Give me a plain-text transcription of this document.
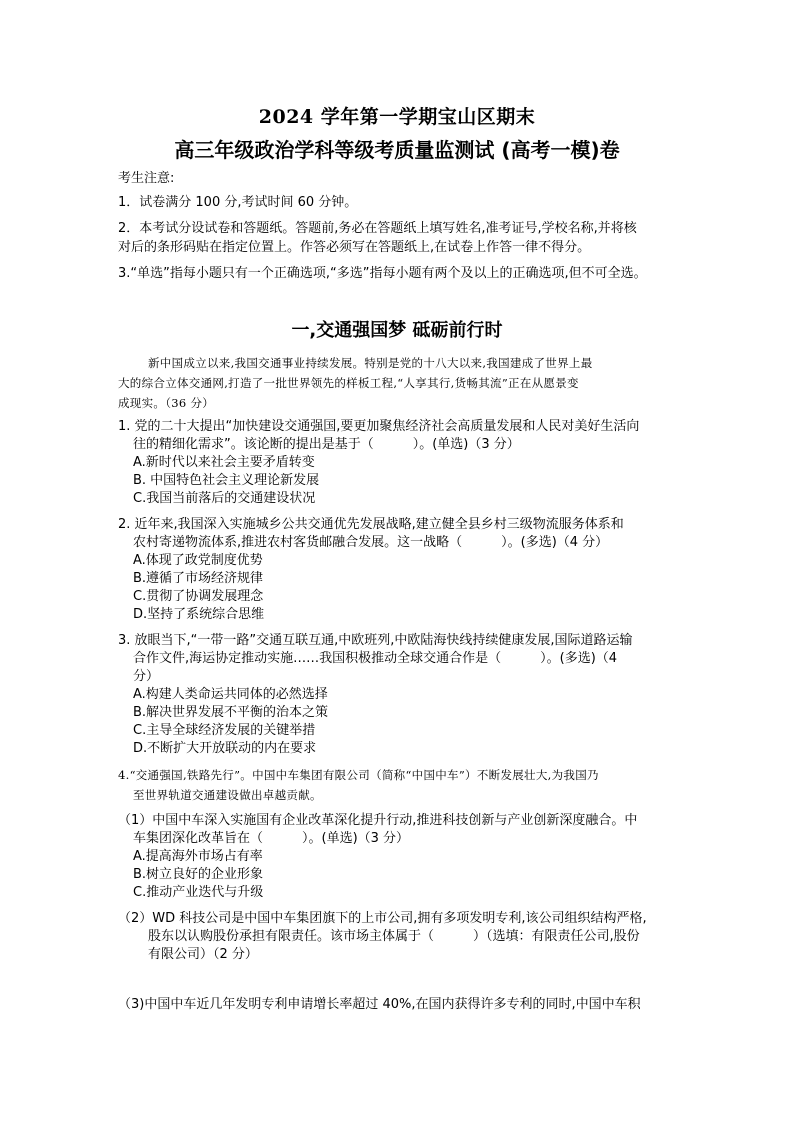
2024 学年第一学期宝山区期末
高三年级政治学科等级考质量监测试 (高考一模)卷
考生注意:
1．试卷满分 100 分,考试时间 60 分钟。
2．本考试分设试卷和答题纸。答题前,务必在答题纸上填写姓名,准考证号,学校名称,并将核
对后的条形码贴在指定位置上。作答必须写在答题纸上,在试卷上作答一律不得分。
3.“单选”指每小题只有一个正确选项,“多选”指每小题有两个及以上的正确选项,但不可全选。
一,交通强国梦 砥砺前行时
新中国成立以来,我国交通事业持续发展。特别是党的十八大以来,我国建成了世界上最
大的综合立体交通网,打造了一批世界领先的样板工程,“人享其行,货畅其流”正在从愿景变
成现实。（36 分）
1. 党的二十大提出“加快建设交通强国,要更加聚焦经济社会高质量发展和人民对美好生活向
往的精细化需求”。该论断的提出是基于（　　　）。(单选)（3 分）
A.新时代以来社会主要矛盾转变
B. 中国特色社会主义理论新发展
C.我国当前落后的交通建设状况
2. 近年来,我国深入实施城乡公共交通优先发展战略,建立健全县乡村三级物流服务体系和
农村寄递物流体系,推进农村客货邮融合发展。这一战略（　　　）。(多选)（4 分）
A.体现了政党制度优势
B.遵循了市场经济规律
C.贯彻了协调发展理念
D.坚持了系统综合思维
3. 放眼当下,“一带一路”交通互联互通,中欧班列,中欧陆海快线持续健康发展,国际道路运输
合作文件,海运协定推动实施……我国积极推动全球交通合作是（　　　）。(多选)（4
分）
A.构建人类命运共同体的必然选择
B.解决世界发展不平衡的治本之策
C.主导全球经济发展的关键举措
D.不断扩大开放联动的内在要求
4.“交通强国,铁路先行”。中国中车集团有限公司（简称“中国中车”）不断发展壮大,为我国乃
至世界轨道交通建设做出卓越贡献。
（1）中国中车深入实施国有企业改革深化提升行动,推进科技创新与产业创新深度融合。中
车集团深化改革旨在（　　　）。(单选)（3 分）
A.提高海外市场占有率
B.树立良好的企业形象
C.推动产业迭代与升级
（2）WD 科技公司是中国中车集团旗下的上市公司,拥有多项发明专利,该公司组织结构严格,
股东以认购股份承担有限责任。该市场主体属于（　　　）（选填：有限责任公司,股份
有限公司）（2 分）
（3)中国中车近几年发明专利申请增长率超过 40%,在国内获得许多专利的同时,中国中车积
